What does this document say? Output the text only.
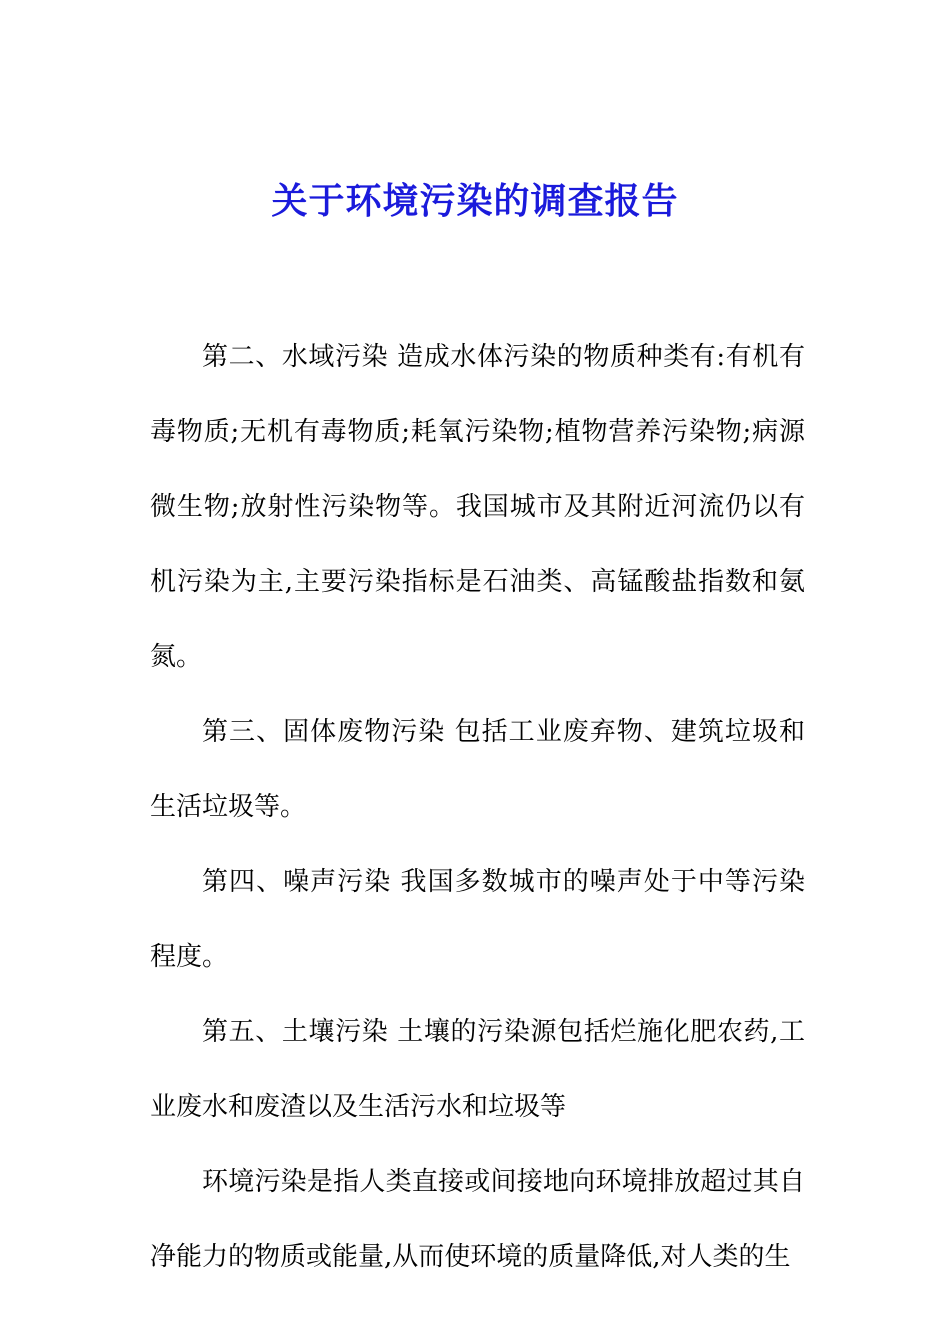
关于环境污染的调查报告

第二、水域污染 造成水体污染的物质种类有:有机有毒物质;无机有毒物质;耗氧污染物;植物营养污染物;病源微生物;放射性污染物等。我国城市及其附近河流仍以有机污染为主,主要污染指标是石油类、高锰酸盐指数和氨氮。

第三、固体废物污染 包括工业废弃物、建筑垃圾和生活垃圾等。

第四、噪声污染 我国多数城市的噪声处于中等污染程度。

第五、土壤污染 土壤的污染源包括烂施化肥农药,工业废水和废渣以及生活污水和垃圾等

环境污染是指人类直接或间接地向环境排放超过其自净能力的物质或能量,从而使环境的质量降低,对人类的生
